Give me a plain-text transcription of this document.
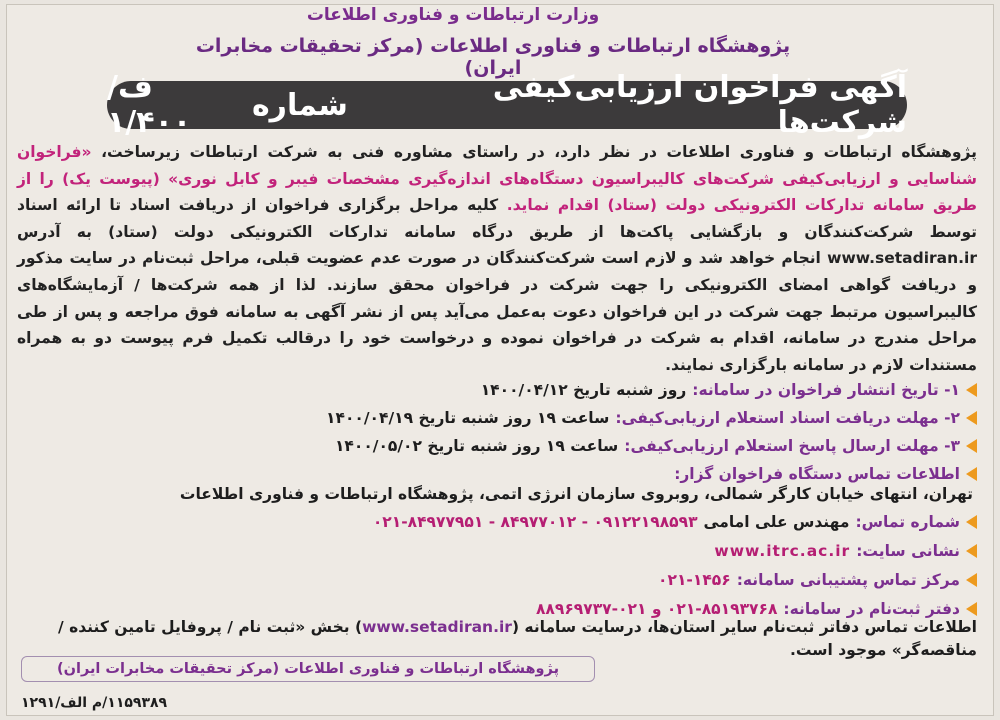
وزارت ارتباطات و فناوری اطلاعات
پژوهشگاه ارتباطات و فناوری اطلاعات (مرکز تحقیقات مخابرات ایران)
آگهی فراخوان ارزیابی‌کیفی شرکت‌ها
شماره
ف/۱/۴۰۰
پژوهشگاه ارتباطات و فناوری اطلاعات در نظر دارد، در راستای مشاوره فنی به شرکت ارتباطات زیرساخت، «فراخوان شناسایی و ارزیابی‌کیفی شرکت‌های کالیبراسیون دستگاه‌های اندازه‌گیری مشخصات فیبر و کابل نوری» (پیوست یک) را از طریق سامانه تدارکات الکترونیکی دولت (ستاد) اقدام نماید. کلیه مراحل برگزاری فراخوان از دریافت اسناد تا ارائه اسناد توسط شرکت‌کنندگان و بازگشایی پاکت‌ها از طریق درگاه سامانه تدارکات الکترونیکی دولت (ستاد) به آدرس www.setadiran.ir انجام خواهد شد و لازم است شرکت‌کنندگان در صورت عدم عضویت قبلی، مراحل ثبت‌نام در سایت مذکور و دریافت گواهی امضای الکترونیکی را جهت شرکت در فراخوان محقق سازند. لذا از همه شرکت‌ها / آزمایشگاه‌های کالیبراسیون مرتبط جهت شرکت در این فراخوان دعوت به‌عمل می‌آید پس از نشر آگهی به سامانه فوق مراجعه و پس از طی مراحل مندرج در سامانه، اقدام به شرکت در فراخوان نموده و درخواست خود را درقالب تکمیل فرم پیوست دو به همراه مستندات لازم در سامانه بارگزاری نمایند.
۱- تاریخ انتشار فراخوان در سامانه:
روز شنبه تاریخ ۱۴۰۰/۰۴/۱۲
۲- مهلت دریافت اسناد استعلام ارزیابی‌کیفی:
ساعت ۱۹ روز شنبه تاریخ ۱۴۰۰/۰۴/۱۹
۳- مهلت ارسال پاسخ استعلام ارزیابی‌کیفی:
ساعت ۱۹ روز شنبه تاریخ ۱۴۰۰/۰۵/۰۲
اطلاعات تماس دستگاه فراخوان گزار:
تهران، انتهای خیابان کارگر شمالی، روبروی سازمان انرژی اتمی، پژوهشگاه ارتباطات و فناوری اطلاعات
شماره تماس:
مهندس علی امامی
۰۹۱۲۲۱۹۸۵۹۳ - ۸۴۹۷۷۰۱۲ - ۰۲۱-۸۴۹۷۷۹۵۱
نشانی سایت:
www.itrc.ac.ir
مرکز تماس پشتیبانی سامانه:
۰۲۱-۱۴۵۶
دفتر ثبت‌نام در سامانه:
۰۲۱-۸۵۱۹۳۷۶۸ و ۰۲۱-۸۸۹۶۹۷۳۷
اطلاعات تماس دفاتر ثبت‌نام سایر استان‌ها، درسایت سامانه (www.setadiran.ir) بخش «ثبت نام / پروفایل تامین کننده / مناقصه‌گر» موجود است.
پژوهشگاه ارتباطات و فناوری اطلاعات (مرکز تحقیقات مخابرات ایران)
۱۱۵۹۳۸۹/م الف/۱۲۹۱
